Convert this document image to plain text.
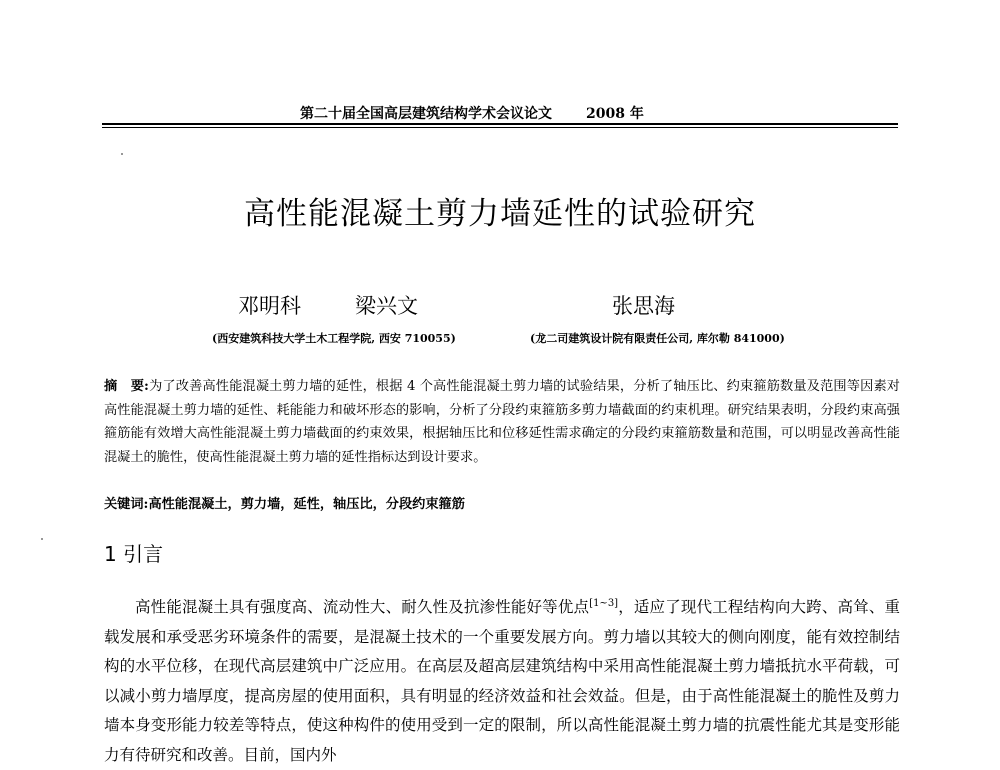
第二十届全国高层建筑结构学术会议论文 2008 年
高性能混凝土剪力墙延性的试验研究
邓明科	梁兴文	张思海
(西安建筑科技大学土木工程学院, 西安 710055)	(龙二司建筑设计院有限责任公司, 库尔勒 841000)
摘　要:为了改善高性能混凝土剪力墙的延性，根据 4 个高性能混凝土剪力墙的试验结果，分析了轴压比、约束箍筋数量及范围等因素对高性能混凝土剪力墙的延性、耗能能力和破坏形态的影响，分析了分段约束箍筋多剪力墙截面的约束机理。研究结果表明，分段约束高强箍筋能有效增大高性能混凝土剪力墙截面的约束效果，根据轴压比和位移延性需求确定的分段约束箍筋数量和范围，可以明显改善高性能混凝土的脆性，使高性能混凝土剪力墙的延性指标达到设计要求。
关键词:高性能混凝土，剪力墙，延性，轴压比，分段约束箍筋
1 引言
高性能混凝土具有强度高、流动性大、耐久性及抗渗性能好等优点[1~3]，适应了现代工程结构向大跨、高耸、重载发展和承受恶劣环境条件的需要，是混凝土技术的一个重要发展方向。剪力墙以其较大的侧向刚度，能有效控制结构的水平位移，在现代高层建筑中广泛应用。在高层及超高层建筑结构中采用高性能混凝土剪力墙抵抗水平荷载，可以减小剪力墙厚度，提高房屋的使用面积，具有明显的经济效益和社会效益。但是，由于高性能混凝土的脆性及剪力墙本身变形能力较差等特点，使这种构件的使用受到一定的限制，所以高性能混凝土剪力墙的抗震性能尤其是变形能力有待研究和改善。目前，国内外
